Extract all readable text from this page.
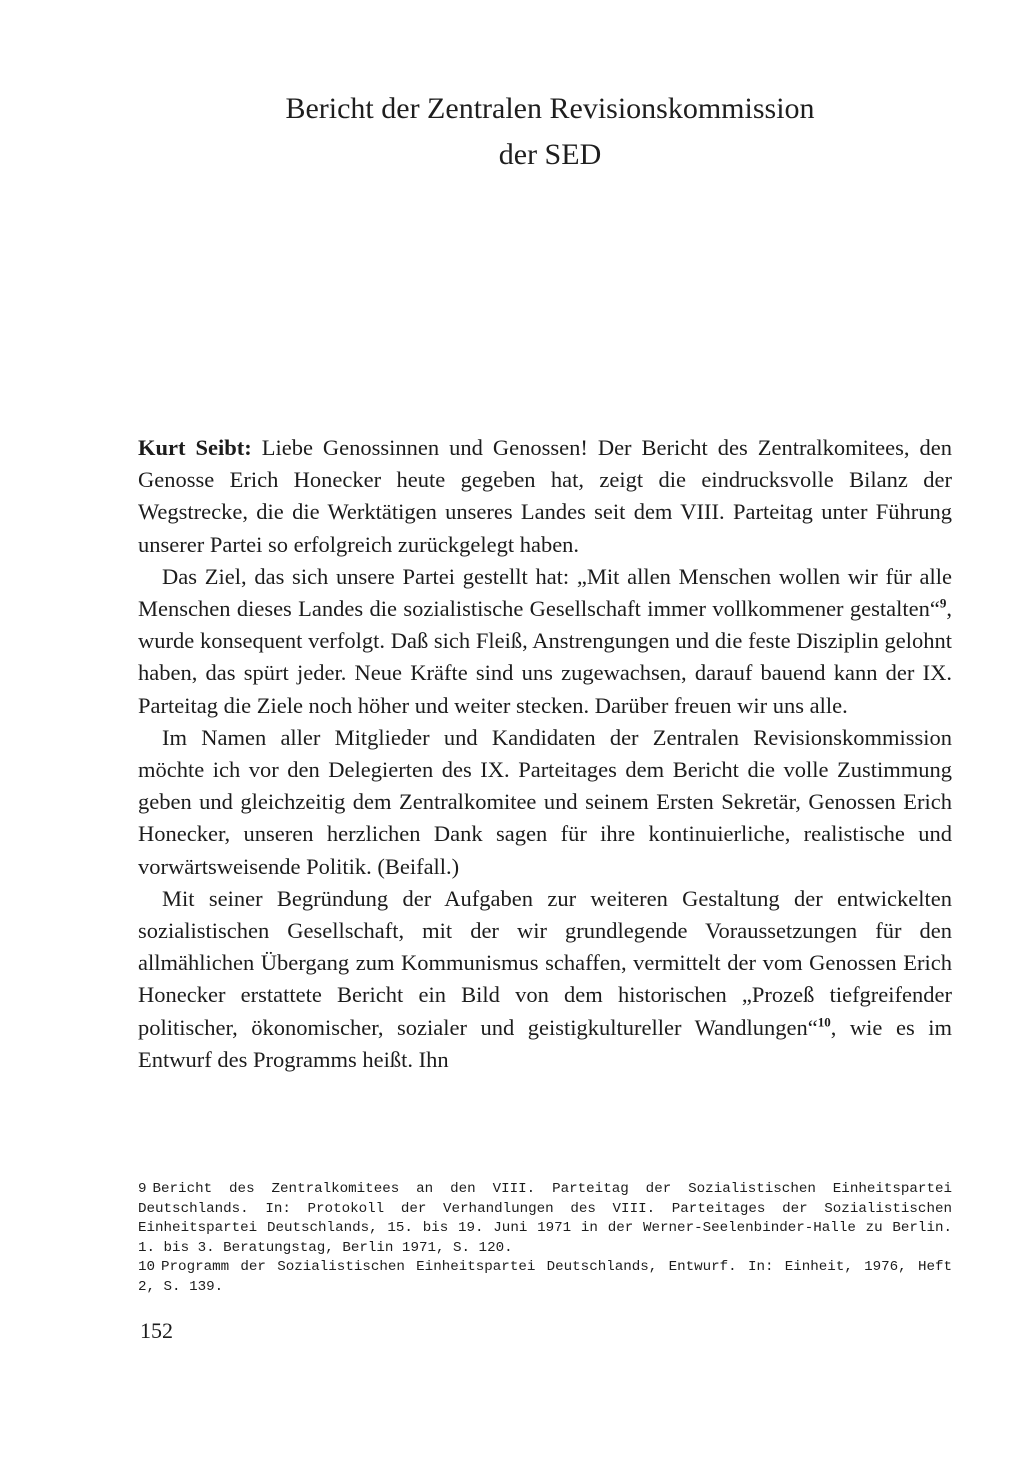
Bericht der Zentralen Revisionskommission
der SED

Kurt Seibt: Liebe Genossinnen und Genossen! Der Bericht des Zentralkomitees, den Genosse Erich Honecker heute gegeben hat, zeigt die eindrucksvolle Bilanz der Wegstrecke, die die Werktätigen unseres Landes seit dem VIII. Parteitag unter Führung unserer Partei so erfolgreich zurückgelegt haben.

Das Ziel, das sich unsere Partei gestellt hat: „Mit allen Menschen wollen wir für alle Menschen dieses Landes die sozialistische Gesellschaft immer vollkommener gestalten“$^9$, wurde konsequent verfolgt. Daß sich Fleiß, Anstrengungen und die feste Disziplin gelohnt haben, das spürt jeder. Neue Kräfte sind uns zugewachsen, darauf bauend kann der IX. Parteitag die Ziele noch höher und weiter stecken. Darüber freuen wir uns alle.

Im Namen aller Mitglieder und Kandidaten der Zentralen Revisionskommission möchte ich vor den Delegierten des IX. Parteitages dem Bericht die volle Zustimmung geben und gleichzeitig dem Zentralkomitee und seinem Ersten Sekretär, Genossen Erich Honecker, unseren herzlichen Dank sagen für ihre kontinuierliche, realistische und vorwärtsweisende Politik. (Beifall.)

Mit seiner Begründung der Aufgaben zur weiteren Gestaltung der entwickelten sozialistischen Gesellschaft, mit der wir grundlegende Voraussetzungen für den allmählichen Übergang zum Kommunismus schaffen, vermittelt der vom Genossen Erich Honecker erstattete Bericht ein Bild von dem historischen „Prozeß tiefgreifender politischer, ökonomischer, sozialer und geistigkultureller Wandlungen“$^{10}$, wie es im Entwurf des Programms heißt. Ihn

9 Bericht des Zentralkomitees an den VIII. Parteitag der Sozialistischen Einheitspartei Deutschlands. In: Protokoll der Verhandlungen des VIII. Parteitages der Sozialistischen Einheitspartei Deutschlands, 15. bis 19. Juni 1971 in der Werner-Seelenbinder-Halle zu Berlin. 1. bis 3. Beratungstag, Berlin 1971, S. 120.

10 Programm der Sozialistischen Einheitspartei Deutschlands, Entwurf. In: Einheit, 1976, Heft 2, S. 139.

152
